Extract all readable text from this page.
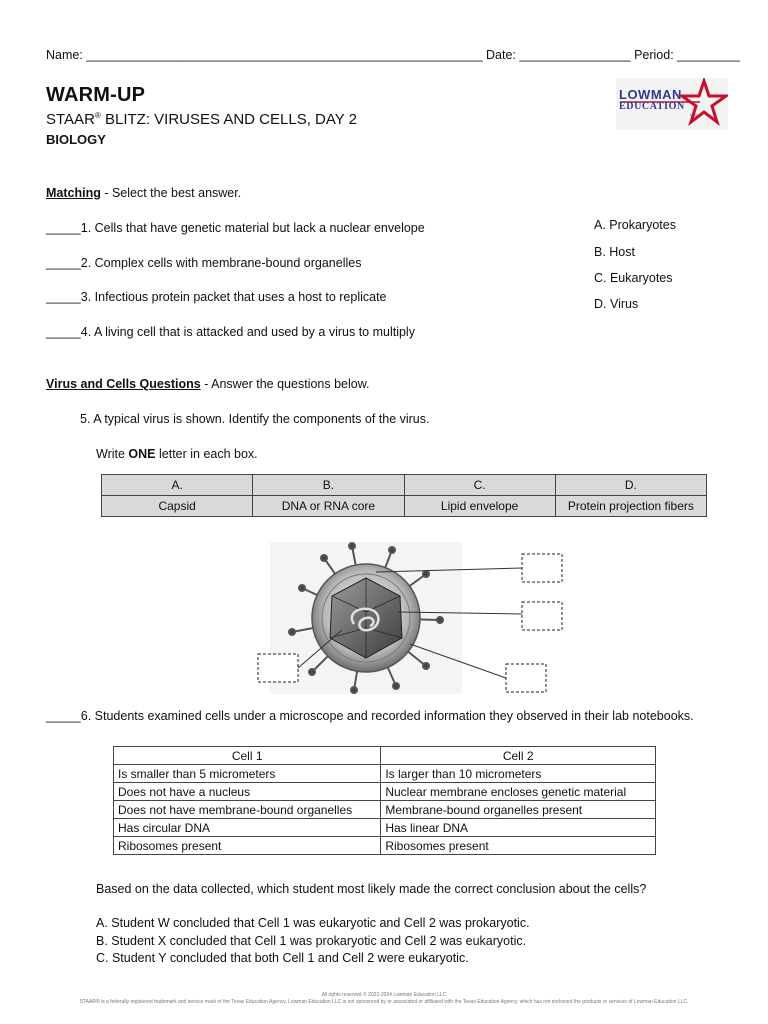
Name: _________________________________________________________ Date: ________________ Period: _________
WARM-UP
STAAR® BLITZ: VIRUSES AND CELLS, DAY 2
BIOLOGY
LOWMAN
EDUCATION
LLC
Matching - Select the best answer.
_____1. Cells that have genetic material but lack a nuclear envelope
_____2. Complex cells with membrane-bound organelles
_____3. Infectious protein packet that uses a host to replicate
_____4. A living cell that is attacked and used by a virus to multiply
A. Prokaryotes
B. Host
C. Eukaryotes
D. Virus
Virus and Cells Questions - Answer the questions below.
5. A typical virus is shown. Identify the components of the virus.
Write ONE letter in each box.
A.	B.	C.	D.
Capsid	DNA or RNA core	Lipid envelope	Protein projection fibers
_____6. Students examined cells under a microscope and recorded information they observed in their lab notebooks.
Cell 1	Cell 2
Is smaller than 5 micrometers	Is larger than 10 micrometers
Does not have a nucleus	Nuclear membrane encloses genetic material
Does not have membrane-bound organelles	Membrane-bound organelles present
Has circular DNA	Has linear DNA
Ribosomes present	Ribosomes present
Based on the data collected, which student most likely made the correct conclusion about the cells?
A. Student W concluded that Cell 1 was eukaryotic and Cell 2 was prokaryotic.
B. Student X concluded that Cell 1 was prokaryotic and Cell 2 was eukaryotic.
C. Student Y concluded that both Cell 1 and Cell 2 were eukaryotic.
All rights reserved © 2022-2024 Lowman Education LLC
STAAR® is a federally registered trademark and service mark of the Texas Education Agency. Lowman Education LLC is not sponsored by or associated or affiliated with the Texas Education Agency, which has not endorsed the products or services of Lowman Education LLC.
